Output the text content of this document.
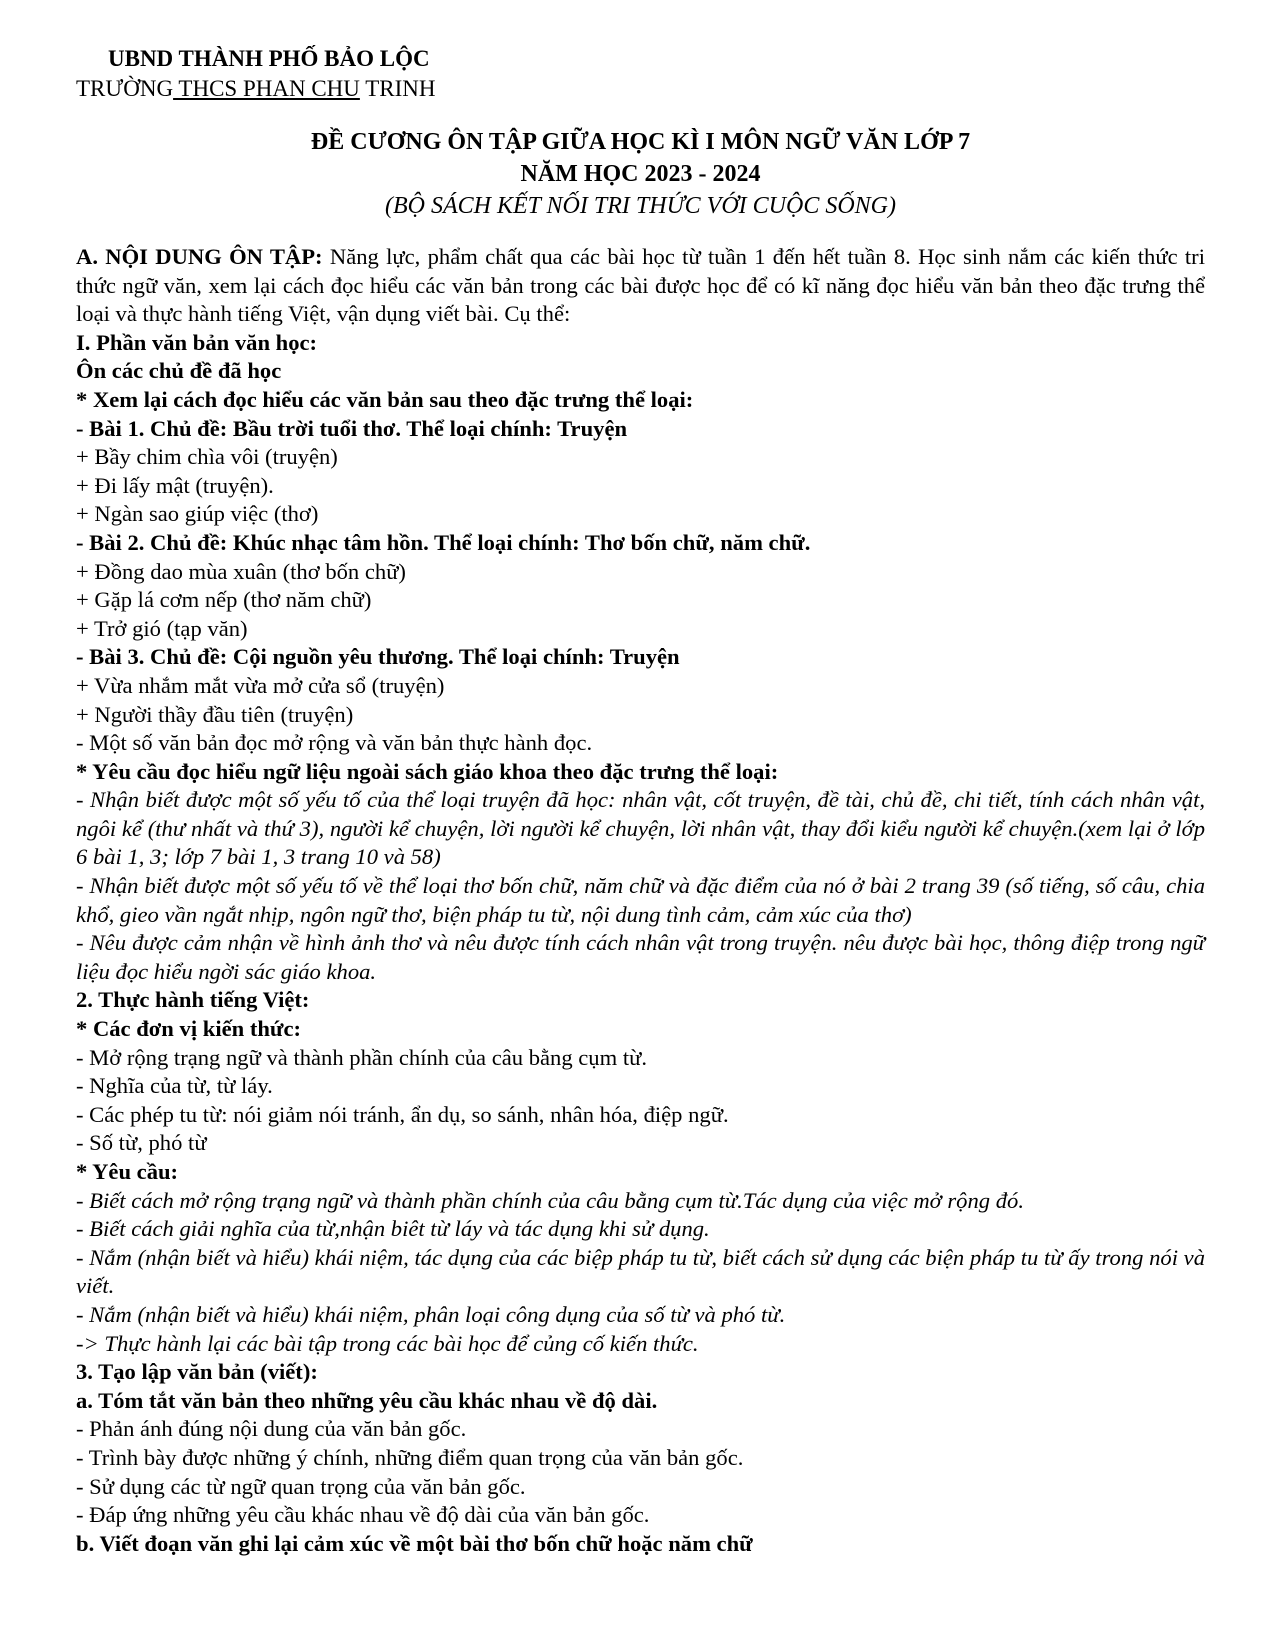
UBND THÀNH PHỐ BẢO LỘC

TRƯỜNG THCS PHAN CHU TRINH

ĐỀ CƯƠNG ÔN TẬP GIỮA HỌC KÌ I MÔN NGỮ VĂN LỚP 7

NĂM HỌC 2023 - 2024

(BỘ SÁCH KẾT NỐI TRI THỨC VỚI CUỘC SỐNG)

A. NỘI DUNG ÔN TẬP: Năng lực, phẩm chất qua các bài học từ tuần 1 đến hết tuần 8. Học sinh nắm các kiến thức tri thức ngữ văn, xem lại cách đọc hiểu các văn bản trong các bài được học để có kĩ năng đọc hiểu văn bản theo đặc trưng thể loại và thực hành tiếng Việt, vận dụng viết bài. Cụ thể:

I. Phần văn bản văn học:

Ôn các chủ đề đã học

* Xem lại cách đọc hiểu các văn bản sau theo đặc trưng thể loại:

- Bài 1. Chủ đề: Bầu trời tuổi thơ. Thể loại chính: Truyện

+ Bầy chim chìa vôi (truyện)

+ Đi lấy mật (truyện).

+ Ngàn sao giúp việc (thơ)

- Bài 2. Chủ đề: Khúc nhạc tâm hồn. Thể loại chính: Thơ bốn chữ, năm chữ.

+ Đồng dao mùa xuân (thơ bốn chữ)

+ Gặp lá cơm nếp (thơ năm chữ)

+ Trở gió (tạp văn)

- Bài 3. Chủ đề: Cội nguồn yêu thương. Thể loại chính: Truyện

+ Vừa nhắm mắt vừa mở cửa sổ (truyện)

+ Người thầy đầu tiên (truyện)

- Một số văn bản đọc mở rộng và văn bản thực hành đọc.

* Yêu cầu đọc hiểu ngữ liệu ngoài sách giáo khoa theo đặc trưng thể loại:

- Nhận biết được một số yếu tố của thể loại truyện đã học: nhân vật, cốt truyện, đề tài, chủ đề, chi tiết, tính cách nhân vật, ngôi kể (thư nhất và thứ 3), người kể chuyện, lời người kể chuyện, lời nhân vật, thay đổi kiểu người kể chuyện.(xem lại ở lớp 6 bài 1, 3; lớp 7 bài 1, 3 trang 10 và 58)

- Nhận biết được một số yếu tố về thể loại thơ bốn chữ, năm chữ và đặc điểm của nó ở bài 2 trang 39 (số tiếng, số câu, chia khổ, gieo vần ngắt nhịp, ngôn ngữ thơ, biện pháp tu từ, nội dung tình cảm, cảm xúc của thơ)

- Nêu được cảm nhận về hình ảnh thơ và nêu được tính cách nhân vật trong truyện. nêu được bài học, thông điệp trong ngữ liệu đọc hiểu ngời sác giáo khoa.

2. Thực hành tiếng Việt:

* Các đơn vị kiến thức:

- Mở rộng trạng ngữ và thành phần chính của câu bằng cụm từ.

- Nghĩa của từ, từ láy.

- Các phép tu từ: nói giảm nói tránh, ẩn dụ, so sánh, nhân hóa, điệp ngữ.

- Số từ, phó từ

* Yêu cầu:

- Biết cách mở rộng trạng ngữ và thành phần chính của câu bằng cụm từ.Tác dụng của việc mở rộng đó.

- Biết cách giải nghĩa của từ,nhận biêt từ láy và tác dụng khi sử dụng.

- Nắm (nhận biết và hiểu) khái niệm, tác dụng của các biệp pháp tu từ, biết cách sử dụng các biện pháp tu từ ấy trong nói và viết.

- Nắm (nhận biết và hiểu) khái niệm, phân loại công dụng của số từ và phó từ.

-> Thực hành lại các bài tập trong các bài học để củng cố kiến thức.

3. Tạo lập văn bản (viết):

a. Tóm tắt văn bản theo những yêu cầu khác nhau về độ dài.

- Phản ánh đúng nội dung của văn bản gốc.

- Trình bày được những ý chính, những điểm quan trọng của văn bản gốc.

- Sử dụng các từ ngữ quan trọng của văn bản gốc.

- Đáp ứng những yêu cầu khác nhau về độ dài của văn bản gốc.

b. Viết đoạn văn ghi lại cảm xúc về một bài thơ bốn chữ hoặc năm chữ
